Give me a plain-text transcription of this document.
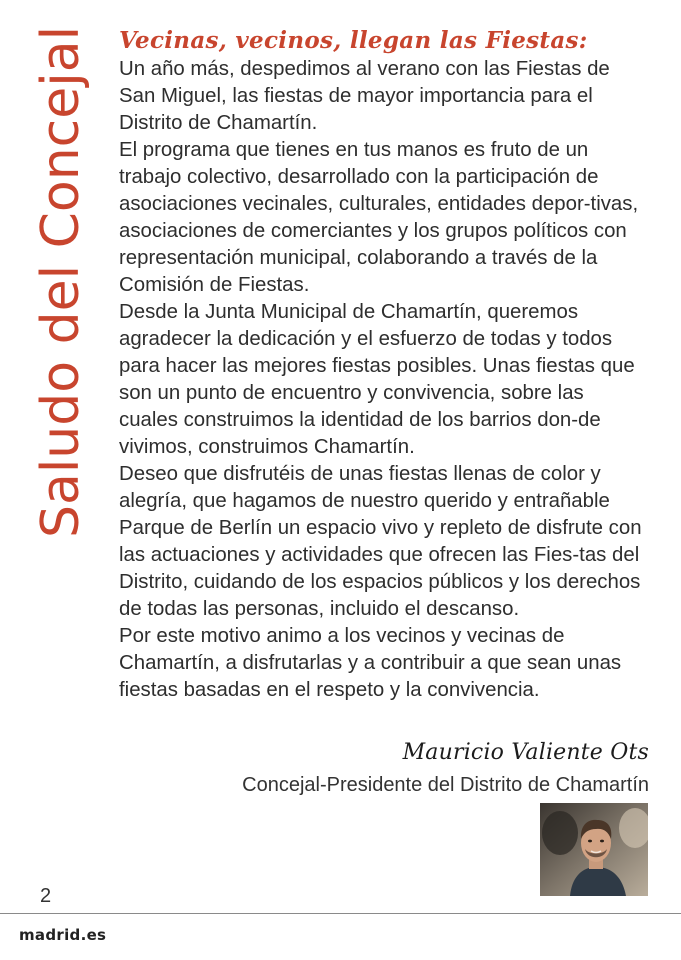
Saludo del Concejal Vecinas, vecinos, llegan las Fiestas:

Un año más, despedimos al verano con las Fiestas de San Miguel, las fiestas de mayor importancia para el Distrito de Chamartín.

El programa que tienes en tus manos es fruto de un trabajo colectivo, desarrollado con la participación de asociaciones vecinales, culturales, entidades depor-tivas, asociaciones de comerciantes y los grupos políticos con representación municipal, colaborando a través de la Comisión de Fiestas.

Desde la Junta Municipal de Chamartín, queremos agradecer la dedicación y el esfuerzo de todas y todos para hacer las mejores fiestas posibles. Unas fiestas que son un punto de encuentro y convivencia, sobre las cuales construimos la identidad de los barrios don-de vivimos, construimos Chamartín.

Deseo que disfrutéis de unas fiestas llenas de color y alegría, que hagamos de nuestro querido y entrañable Parque de Berlín un espacio vivo y repleto de disfrute con las actuaciones y actividades que ofrecen las Fies-tas del Distrito, cuidando de los espacios públicos y los derechos de todas las personas, incluido el descanso.

Por este motivo animo a los vecinos y vecinas de Chamartín, a disfrutarlas y a contribuir a que sean unas fiestas basadas en el respeto y la convivencia.

Mauricio Valiente Ots
Concejal-Presidente del Distrito de Chamartín
2
madrid.es
